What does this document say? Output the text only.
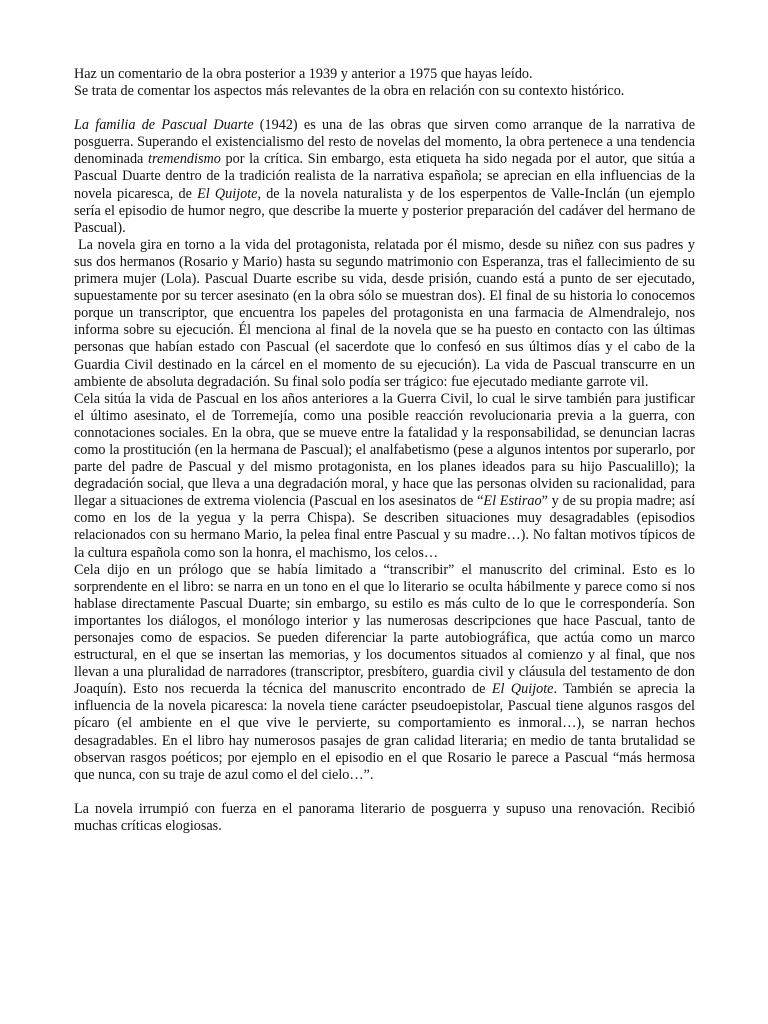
Haz un comentario de la obra posterior a 1939 y anterior a 1975 que hayas leído.

Se trata de comentar los aspectos más relevantes de la obra en relación con su contexto histórico.

La familia de Pascual Duarte (1942) es una de las obras que sirven como arranque de la narrativa de posguerra. Superando el existencialismo del resto de novelas del momento, la obra pertenece a una tendencia denominada tremendismo por la crítica. Sin embargo, esta etiqueta ha sido negada por el autor, que sitúa a Pascual Duarte dentro de la tradición realista de la narrativa española; se aprecian en ella influencias de la novela picaresca, de El Quijote, de la novela naturalista y de los esperpentos de Valle-Inclán (un ejemplo sería el episodio de humor negro, que describe la muerte y posterior preparación del cadáver del hermano de Pascual).

La novela gira en torno a la vida del protagonista, relatada por él mismo, desde su niñez con sus padres y sus dos hermanos (Rosario y Mario) hasta su segundo matrimonio con Esperanza, tras el fallecimiento de su primera mujer (Lola). Pascual Duarte escribe su vida, desde prisión, cuando está a punto de ser ejecutado, supuestamente por su tercer asesinato (en la obra sólo se muestran dos). El final de su historia lo conocemos porque un transcriptor, que encuentra los papeles del protagonista en una farmacia de Almendralejo, nos informa sobre su ejecución. Él menciona al final de la novela que se ha puesto en contacto con las últimas personas que habían estado con Pascual (el sacerdote que lo confesó en sus últimos días y el cabo de la Guardia Civil destinado en la cárcel en el momento de su ejecución). La vida de Pascual transcurre en un ambiente de absoluta degradación. Su final solo podía ser trágico: fue ejecutado mediante garrote vil.

Cela sitúa la vida de Pascual en los años anteriores a la Guerra Civil, lo cual le sirve también para justificar el último asesinato, el de Torremejía, como una posible reacción revolucionaria previa a la guerra, con connotaciones sociales. En la obra, que se mueve entre la fatalidad y la responsabilidad, se denuncian lacras como la prostitución (en la hermana de Pascual); el analfabetismo (pese a algunos intentos por superarlo, por parte del padre de Pascual y del mismo protagonista, en los planes ideados para su hijo Pascualillo); la degradación social, que lleva a una degradación moral, y hace que las personas olviden su racionalidad, para llegar a situaciones de extrema violencia (Pascual en los asesinatos de “El Estirao” y de su propia madre; así como en los de la yegua y la perra Chispa). Se describen situaciones muy desagradables (episodios relacionados con su hermano Mario, la pelea final entre Pascual y su madre…). No faltan motivos típicos de la cultura española como son la honra, el machismo, los celos…

Cela dijo en un prólogo que se había limitado a “transcribir” el manuscrito del criminal. Esto es lo sorprendente en el libro: se narra en un tono en el que lo literario se oculta hábilmente y parece como si nos hablase directamente Pascual Duarte; sin embargo, su estilo es más culto de lo que le correspondería. Son importantes los diálogos, el monólogo interior y las numerosas descripciones que hace Pascual, tanto de personajes como de espacios. Se pueden diferenciar la parte autobiográfica, que actúa como un marco estructural, en el que se insertan las memorias, y los documentos situados al comienzo y al final, que nos llevan a una pluralidad de narradores (transcriptor, presbítero, guardia civil y cláusula del testamento de don Joaquín). Esto nos recuerda la técnica del manuscrito encontrado de El Quijote. También se aprecia la influencia de la novela picaresca: la novela tiene carácter pseudoepistolar, Pascual tiene algunos rasgos del pícaro (el ambiente en el que vive le pervierte, su comportamiento es inmoral…), se narran hechos desagradables. En el libro hay numerosos pasajes de gran calidad literaria; en medio de tanta brutalidad se observan rasgos poéticos; por ejemplo en el episodio en el que Rosario le parece a Pascual “más hermosa que nunca, con su traje de azul como el del cielo…”.

La novela irrumpió con fuerza en el panorama literario de posguerra y supuso una renovación. Recibió muchas críticas elogiosas.
